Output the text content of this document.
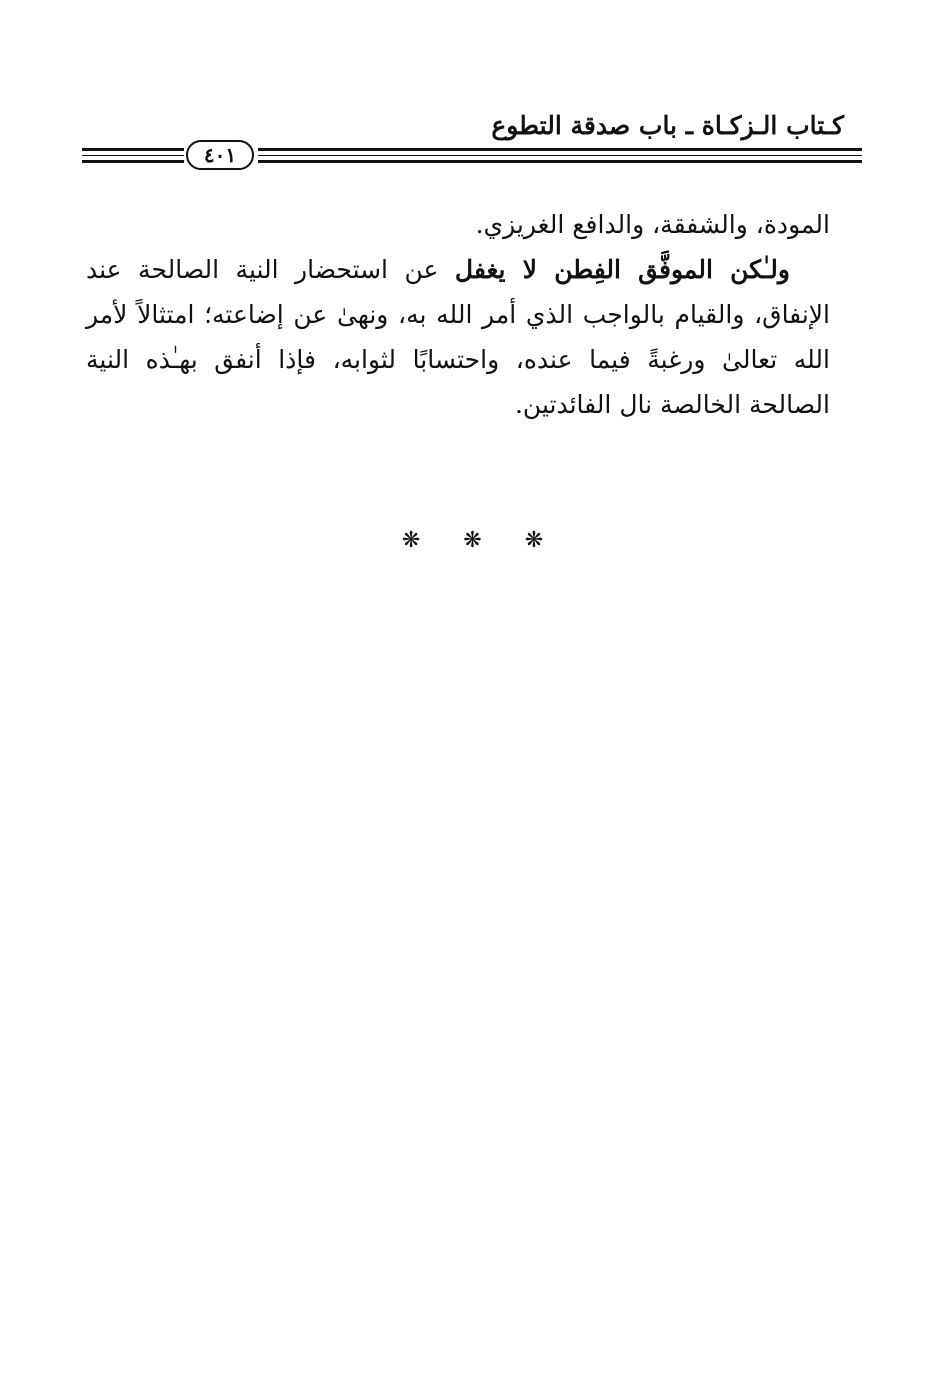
كـتاب الـزكـاة ـ باب صدقة التطوع
٤٠١

المودة، والشفقة، والدافع الغريزي.

ولـٰكن الموفَّق الفِطن لا يغفل عن استحضار النية الصالحة عند الإنفاق، والقيام بالواجب الذي أمر الله به، ونهىٰ عن إضاعته؛ امتثالاً لأمر الله تعالىٰ ورغبةً فيما عنده، واحتسابًا لثوابه، فإذا أنفق بهـٰذه النية الصالحة الخالصة نال الفائدتين.

❋ ❋ ❋
